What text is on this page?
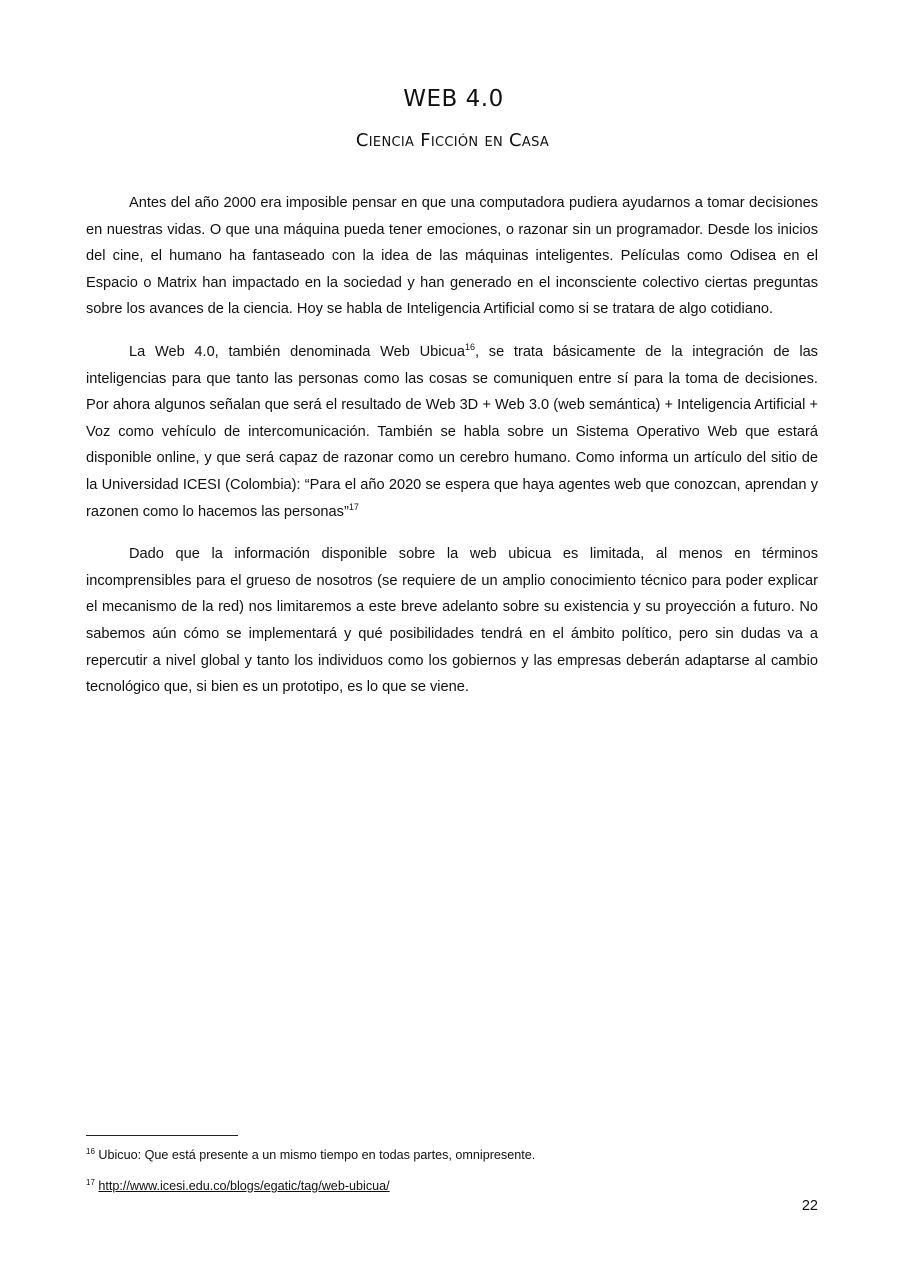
WEB 4.0
Ciencia Ficción en Casa

Antes del año 2000 era imposible pensar en que una computadora pudiera ayudarnos a tomar decisiones en nuestras vidas. O que una máquina pueda tener emociones, o razonar sin un programador. Desde los inicios del cine, el humano ha fantaseado con la idea de las máquinas inteligentes. Películas como Odisea en el Espacio o Matrix han impactado en la sociedad y han generado en el inconsciente colectivo ciertas preguntas sobre los avances de la ciencia. Hoy se habla de Inteligencia Artificial como si se tratara de algo cotidiano.

La Web 4.0, también denominada Web Ubicua$^{16}$, se trata básicamente de la integración de las inteligencias para que tanto las personas como las cosas se comuniquen entre sí para la toma de decisiones. Por ahora algunos señalan que será el resultado de Web 3D + Web 3.0 (web semántica) + Inteligencia Artificial + Voz como vehículo de intercomunicación. También se habla sobre un Sistema Operativo Web que estará disponible online, y que será capaz de razonar como un cerebro humano. Como informa un artículo del sitio de la Universidad ICESI (Colombia): “Para el año 2020 se espera que haya agentes web que conozcan, aprendan y razonen como lo hacemos las personas”$^{17}$

Dado que la información disponible sobre la web ubicua es limitada, al menos en términos incomprensibles para el grueso de nosotros (se requiere de un amplio conocimiento técnico para poder explicar el mecanismo de la red) nos limitaremos a este breve adelanto sobre su existencia y su proyección a futuro. No sabemos aún cómo se implementará y qué posibilidades tendrá en el ámbito político, pero sin dudas va a repercutir a nivel global y tanto los individuos como los gobiernos y las empresas deberán adaptarse al cambio tecnológico que, si bien es un prototipo, es lo que se viene.

$^{16}$ Ubicuo: Que está presente a un mismo tiempo en todas partes, omnipresente.
$^{17}$ http://www.icesi.edu.co/blogs/egatic/tag/web-ubicua/
22
